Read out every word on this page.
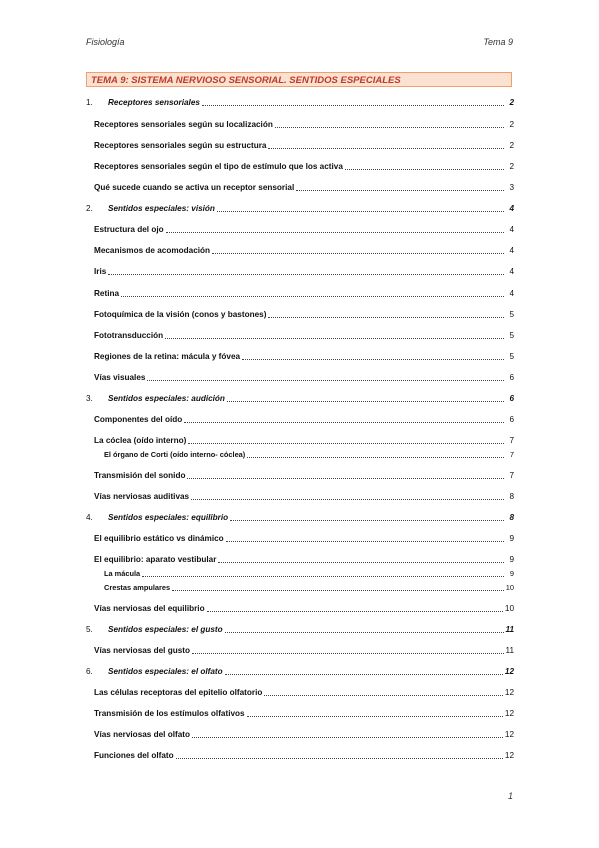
Fisiología	Tema 9
TEMA 9: SISTEMA NERVIOSO SENSORIAL. SENTIDOS ESPECIALES
1.	Receptores sensoriales	2
Receptores sensoriales según su localización	2
Receptores sensoriales según su estructura	2
Receptores sensoriales según el tipo de estímulo que los activa	2
Qué sucede cuando se activa un receptor sensorial	3
2.	Sentidos especiales: visión	4
Estructura del ojo	4
Mecanismos de acomodación	4
Iris	4
Retina	4
Fotoquímica de la visión (conos y bastones)	5
Fototransducción	5
Regiones de la retina: mácula y fóvea	5
Vías visuales	6
3.	Sentidos especiales: audición	6
Componentes del oído	6
La cóclea (oído interno)	7
El órgano de Corti (oído interno- cóclea)	7
Transmisión del sonido	7
Vías nerviosas auditivas	8
4.	Sentidos especiales: equilibrio	8
El equilibrio estático vs dinámico	9
El equilibrio: aparato vestibular	9
La mácula	9
Crestas ampulares	10
Vías nerviosas del equilibrio	10
5.	Sentidos especiales: el gusto	11
Vías nerviosas del gusto	11
6.	Sentidos especiales: el olfato	12
Las células receptoras del epitelio olfatorio	12
Transmisión de los estímulos olfativos	12
Vías nerviosas del olfato	12
Funciones del olfato	12
1
